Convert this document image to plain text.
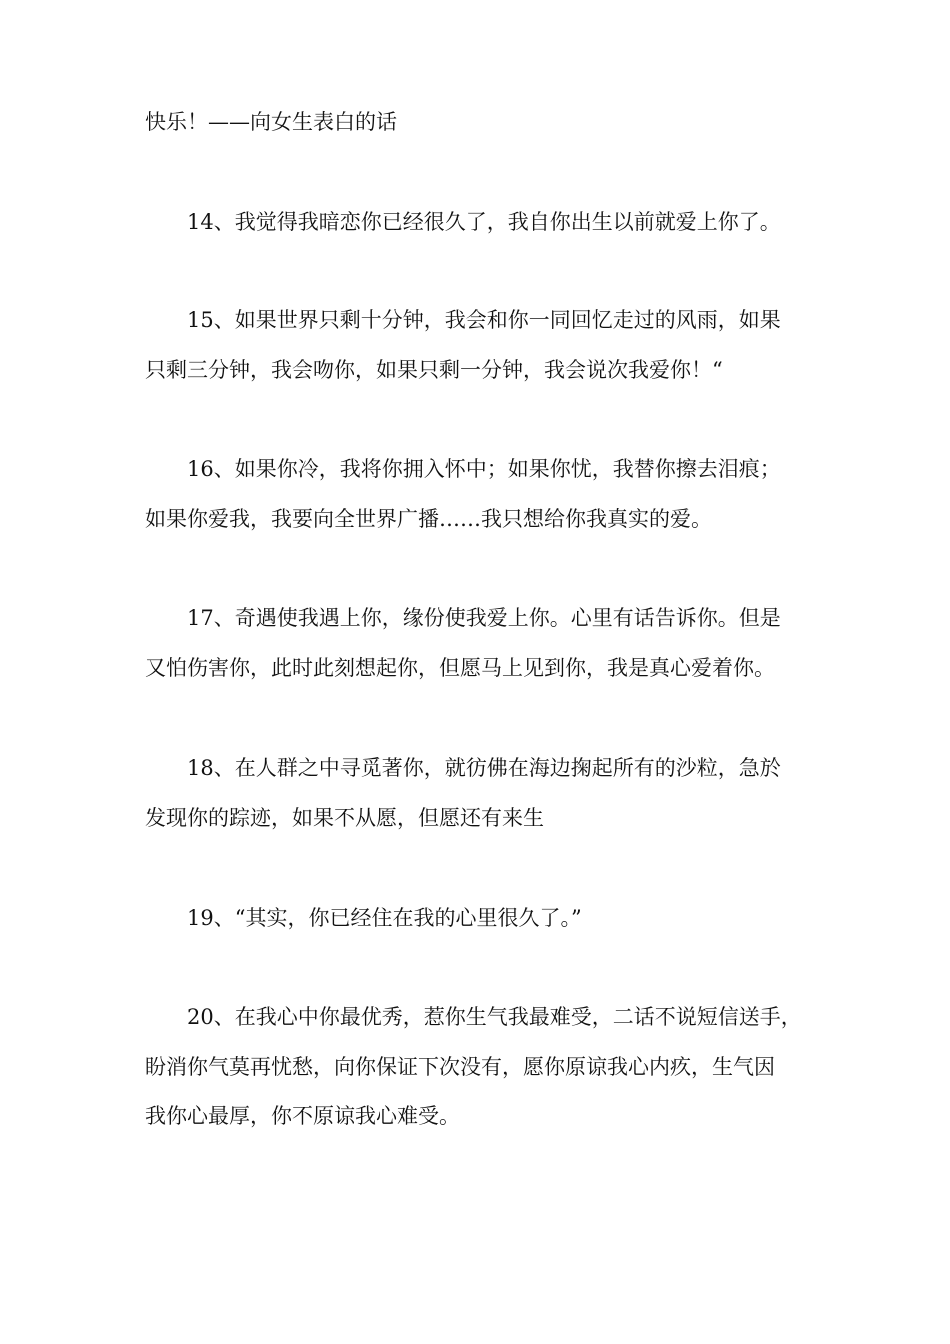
快乐！——向女生表白的话
14、我觉得我暗恋你已经很久了，我自你出生以前就爱上你了。
15、如果世界只剩十分钟，我会和你一同回忆走过的风雨，如果
只剩三分钟，我会吻你，如果只剩一分钟，我会说次我爱你！“
16、如果你冷，我将你拥入怀中；如果你忧，我替你擦去泪痕；
如果你爱我，我要向全世界广播……我只想给你我真实的爱。
17、奇遇使我遇上你，缘份使我爱上你。心里有话告诉你。但是
又怕伤害你，此时此刻想起你，但愿马上见到你，我是真心爱着你。
18、在人群之中寻觅著你，就彷佛在海边掬起所有的沙粒，急於
发现你的踪迹，如果不从愿，但愿还有来生
19、“其实，你已经住在我的心里很久了。”
20、在我心中你最优秀，惹你生气我最难受，二话不说短信送手，
盼消你气莫再忧愁，向你保证下次没有，愿你原谅我心内疚，生气因
我你心最厚，你不原谅我心难受。
